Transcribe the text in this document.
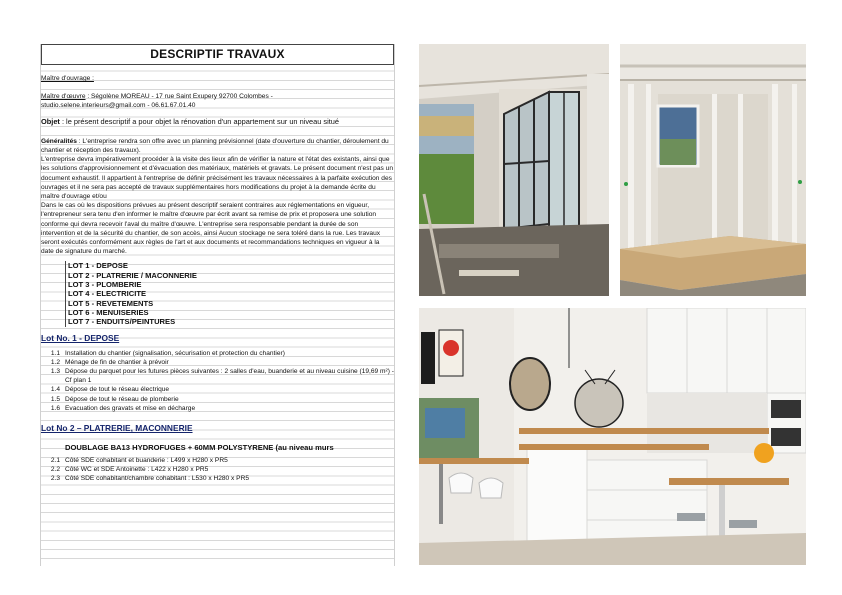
DESCRIPTIF TRAVAUX
Maître d'ouvrage :
Maître d'œuvre : Ségolène MOREAU - 17 rue Saint Exupery 92700 Colombes -
studio.selene.interieurs@gmail.com - 06.61.67.01.40
Objet : le présent descriptif a pour objet la rénovation d'un appartement sur un niveau situé

Généralités : L'entreprise rendra son offre avec un planning prévisionnel (date d'ouverture du chantier, déroulement du chantier et réception des travaux).

L'entreprise devra impérativement procéder à la visite des lieux afin de vérifier la nature et l'état des existants, ainsi que les solutions d'approvisionnement et d'évacuation des matériaux, matériels et gravats. Le présent document n'est pas un document exhaustif. Il appartient à l'entreprise de définir précisément les travaux nécessaires à la parfaite exécution des ouvrages et il ne sera pas accepté de travaux supplémentaires hors modifications du projet à la demande écrite du maître d'ouvrage et/ou

Dans le cas où les dispositions prévues au présent descriptif seraient contraires aux réglementations en vigueur, l'entrepreneur sera tenu d'en informer le maître d'œuvre par écrit avant sa remise de prix et proposera une solution conforme qui devra recevoir l'aval du maître d'œuvre. L'entreprise sera responsable pendant la durée de son intervention et de la sécurité du chantier, de son accès, ainsi Aucun stockage ne sera toléré dans la rue. Les travaux seront exécutés conformément aux règles de l'art et aux documents et recommandations techniques en vigueur à la date de signature du marché.

LOT 1 - DEPOSE
LOT 2 - PLATRERIE / MACONNERIE
LOT 3 - PLOMBERIE
LOT 4 - ELECTRICITE
LOT 5 - REVETEMENTS
LOT 6 - MENUISERIES
LOT 7 - ENDUITS/PEINTURES
Lot No. 1 - DEPOSE
1.1 Installation du chantier (signalisation, sécurisation et protection du chantier)
1.2 Ménage de fin de chantier à prévoir
1.3 Dépose du parquet pour les futures pièces suivantes : 2 salles d'eau, buanderie et au niveau cuisine (19,69 m²) - Cf plan 1
1.4 Dépose de tout le réseau électrique
1.5 Dépose de tout le réseau de plomberie
1.6 Evacuation des gravats et mise en décharge
Lot No 2 – PLATRERIE, MACONNERIE
DOUBLAGE BA13 HYDROFUGES + 60MM POLYSTYRENE (au niveau murs
2.1 Côté SDE cohabitant et buanderie : L499 x H280 x PR5
2.2 Côté WC et SDE Antoinette : L422 x H280 x PR5
2.3 Côté SDE cohabitant/chambre cohabitant : L530 x H280 x PR5
